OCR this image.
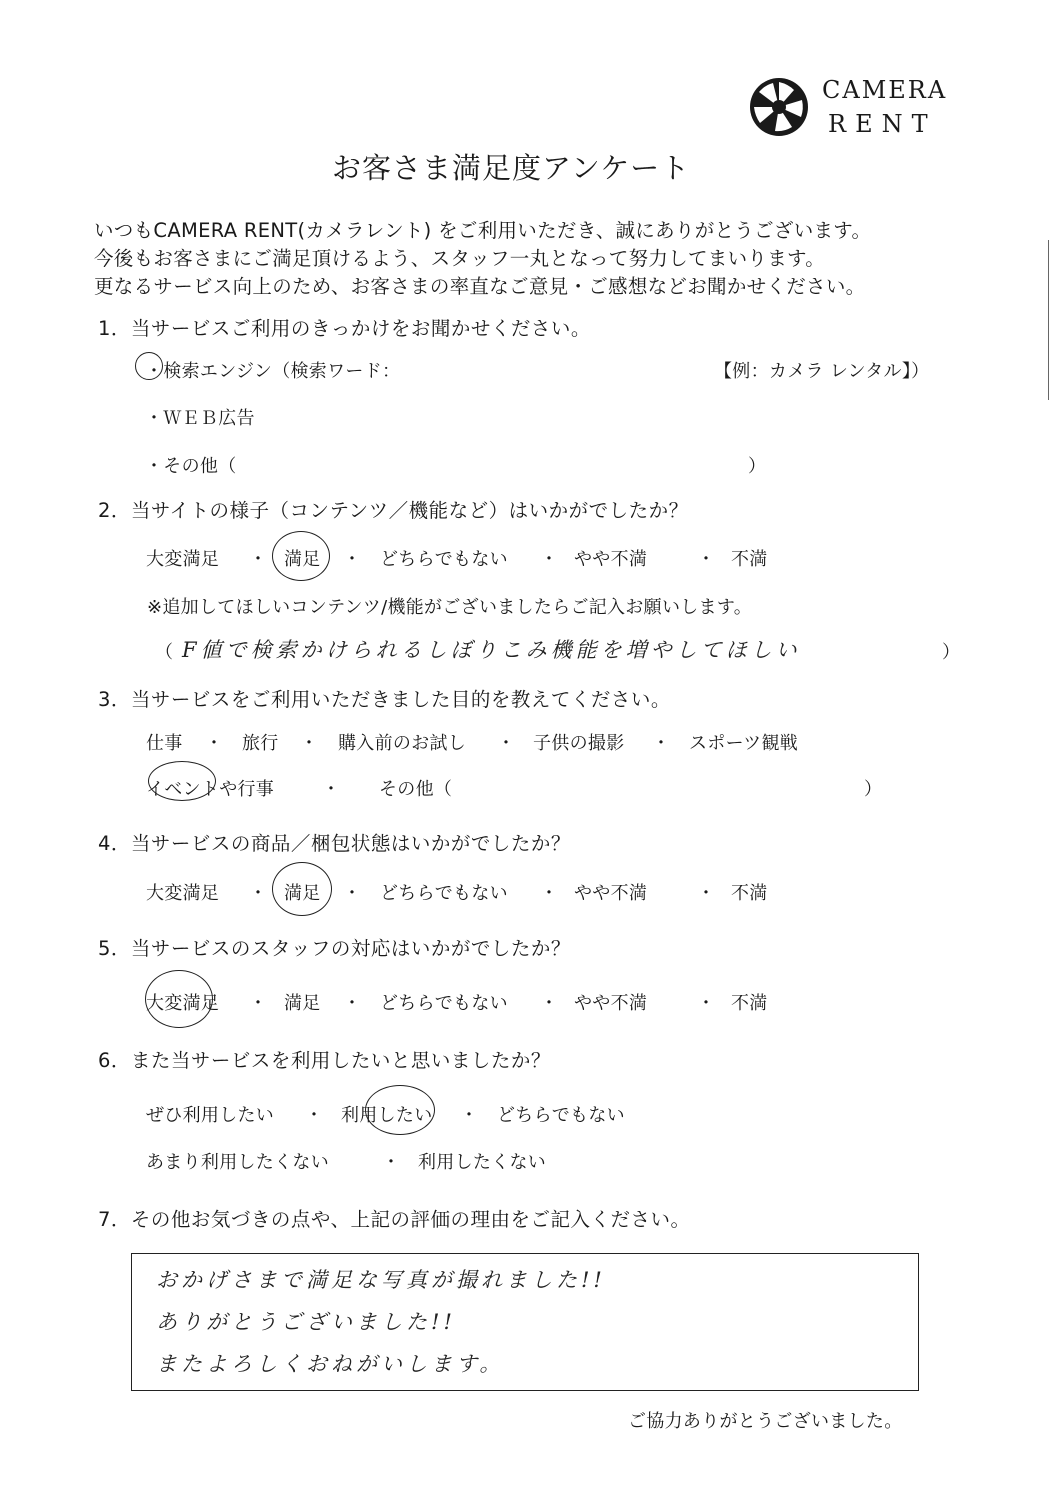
CAMERA
RENT
お客さま満足度アンケート
いつもCAMERA RENT(カメラレント) をご利用いただき、誠にありがとうございます。
今後もお客さまにご満足頂けるよう、スタッフ一丸となって努力してまいります。
更なるサービス向上のため、お客さまの率直なご意見・ご感想などお聞かせください。
1．当サービスご利用のきっかけをお聞かせください。
・検索エンジン（検索ワード：	【例：カメラ レンタル】）
・ＷＥＢ広告
・その他（	）
2．当サイトの様子（コンテンツ／機能など）はいかがでしたか？
大変満足 ・ 満足 ・ どちらでもない ・ やや不満	・ 不満
※追加してほしいコンテンツ/機能がございましたらご記入お願いします。
（ F値で検索かけられるしぼりこみ機能を増やしてほしい	）
3．当サービスをご利用いただきました目的を教えてください。
仕事 ・ 旅行 ・ 購入前のお試し ・ 子供の撮影 ・ スポーツ観戦
イベントや行事	・ その他（	）
4．当サービスの商品／梱包状態はいかがでしたか？
大変満足 ・ 満足 ・ どちらでもない ・ やや不満	・ 不満
5．当サービスのスタッフの対応はいかがでしたか？
大変満足 ・ 満足 ・ どちらでもない ・ やや不満	・ 不満
6．また当サービスを利用したいと思いましたか？
ぜひ利用したい ・ 利用したい ・ どちらでもない
あまり利用したくない	・ 利用したくない
7．その他お気づきの点や、上記の評価の理由をご記入ください。
おかげさまで満足な写真が撮れました!!
ありがとうございました!!
またよろしくおねがいします。
ご協力ありがとうございました。
